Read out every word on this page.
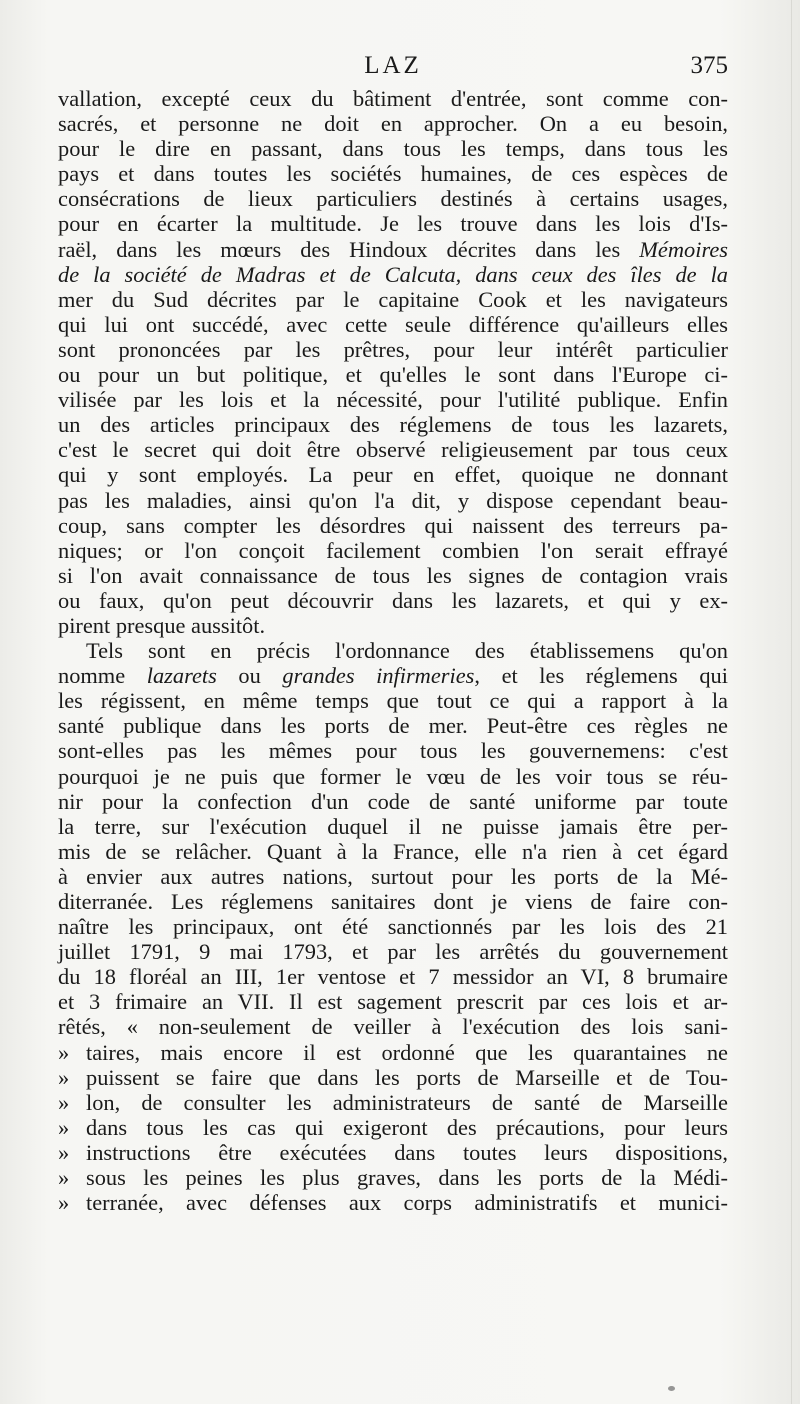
LAZ	375
vallation, excepté ceux du bâtiment d'entrée, sont comme con-
sacrés, et personne ne doit en approcher. On a eu besoin,
pour le dire en passant, dans tous les temps, dans tous les
pays et dans toutes les sociétés humaines, de ces espèces de
consécrations de lieux particuliers destinés à certains usages,
pour en écarter la multitude. Je les trouve dans les lois d'Is-
raël, dans les mœurs des Hindoux décrites dans les Mémoires
de la société de Madras et de Calcuta, dans ceux des îles de la
mer du Sud décrites par le capitaine Cook et les navigateurs
qui lui ont succédé, avec cette seule différence qu'ailleurs elles
sont prononcées par les prêtres, pour leur intérêt particulier
ou pour un but politique, et qu'elles le sont dans l'Europe ci-
vilisée par les lois et la nécessité, pour l'utilité publique. Enfin
un des articles principaux des réglemens de tous les lazarets,
c'est le secret qui doit être observé religieusement par tous ceux
qui y sont employés. La peur en effet, quoique ne donnant
pas les maladies, ainsi qu'on l'a dit, y dispose cependant beau-
coup, sans compter les désordres qui naissent des terreurs pa-
niques; or l'on conçoit facilement combien l'on serait effrayé
si l'on avait connaissance de tous les signes de contagion vrais
ou faux, qu'on peut découvrir dans les lazarets, et qui y ex-
pirent presque aussitôt.
Tels sont en précis l'ordonnance des établissemens qu'on
nomme lazarets ou grandes infirmeries, et les réglemens qui
les régissent, en même temps que tout ce qui a rapport à la
santé publique dans les ports de mer. Peut-être ces règles ne
sont-elles pas les mêmes pour tous les gouvernemens: c'est
pourquoi je ne puis que former le vœu de les voir tous se réu-
nir pour la confection d'un code de santé uniforme par toute
la terre, sur l'exécution duquel il ne puisse jamais être per-
mis de se relâcher. Quant à la France, elle n'a rien à cet égard
à envier aux autres nations, surtout pour les ports de la Mé-
diterranée. Les réglemens sanitaires dont je viens de faire con-
naître les principaux, ont été sanctionnés par les lois des 21
juillet 1791, 9 mai 1793, et par les arrêtés du gouvernement
du 18 floréal an III, 1er ventose et 7 messidor an VI, 8 brumaire
et 3 frimaire an VII. Il est sagement prescrit par ces lois et ar-
rêtés, « non-seulement de veiller à l'exécution des lois sani-
» taires, mais encore il est ordonné que les quarantaines ne
» puissent se faire que dans les ports de Marseille et de Tou-
» lon, de consulter les administrateurs de santé de Marseille
» dans tous les cas qui exigeront des précautions, pour leurs
» instructions être exécutées dans toutes leurs dispositions,
» sous les peines les plus graves, dans les ports de la Médi-
» terranée, avec défenses aux corps administratifs et munici-
